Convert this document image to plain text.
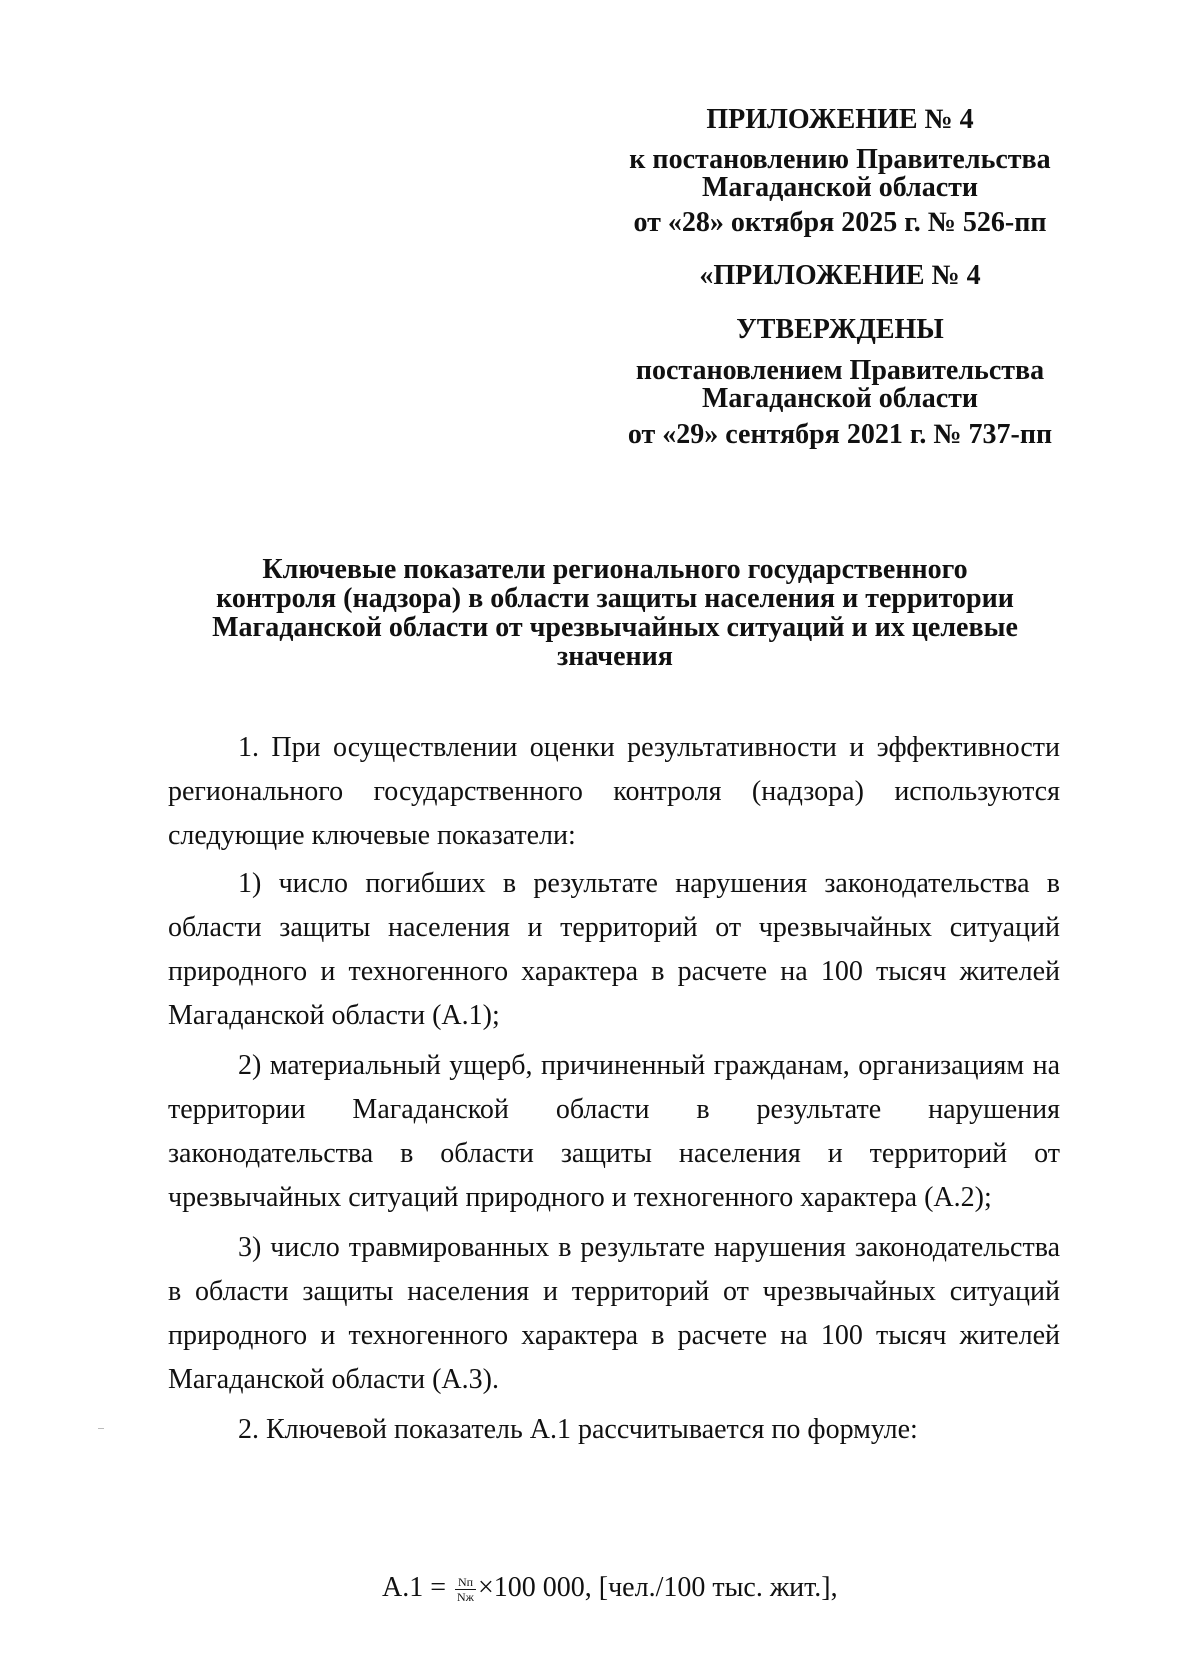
ПРИЛОЖЕНИЕ № 4
к постановлению Правительства
Магаданской области
от «28» октября 2025 г. № 526-пп
«ПРИЛОЖЕНИЕ № 4
УТВЕРЖДЕНЫ
постановлением Правительства
Магаданской области
от «29» сентября 2021 г. № 737-пп
Ключевые показатели регионального государственного
контроля (надзора) в области защиты населения и территории
Магаданской области от чрезвычайных ситуаций и их целевые
значения

1. При осуществлении оценки результативности и эффективности регионального государственного контроля (надзора) используются следующие ключевые показатели:

1) число погибших в результате нарушения законодательства в области защиты населения и территорий от чрезвычайных ситуаций природного и техногенного характера в расчете на 100 тысяч жителей Магаданской области (А.1);

2) материальный ущерб, причиненный гражданам, организациям на территории Магаданской области в результате нарушения законодательства в области защиты населения и территорий от чрезвычайных ситуаций природного и техногенного характера (А.2);

3) число травмированных в результате нарушения законодательства в области защиты населения и территорий от чрезвычайных ситуаций природного и техногенного характера в расчете на 100 тысяч жителей Магаданской области (А.3).

2. Ключевой показатель А.1 рассчитывается по формуле:

$А.1 = \frac{Nп}{Nж} \times 100$ 000, [чел./100 тыс. жит.],
